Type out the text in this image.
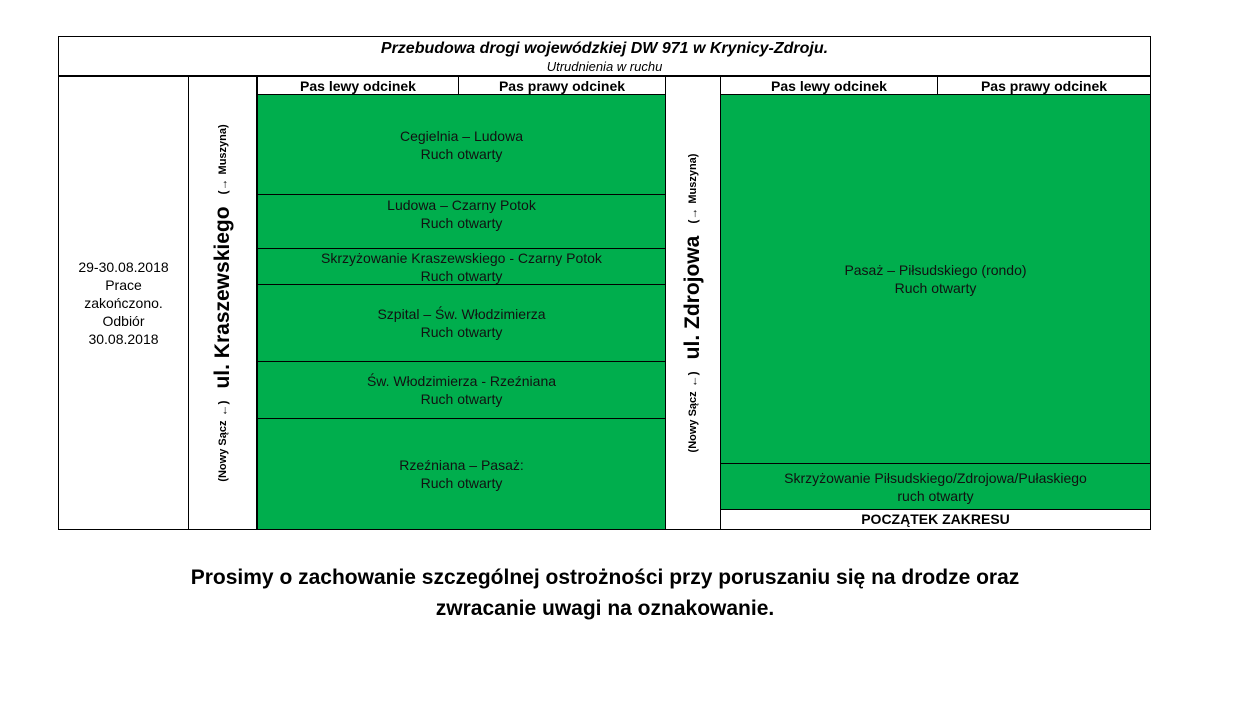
Przebudowa drogi wojewódzkiej DW 971 w Krynicy-Zdroju.
Utrudnienia w ruchu
29-30.08.2018
Prace
zakończono.
Odbiór
30.08.2018
(Nowy Sącz
←)
ul. Kraszewskiego
(→
Muszyna)
Pas lewy odcinek	Pas prawy odcinek
Cegielnia – Ludowa
Ruch otwarty
Ludowa – Czarny Potok
Ruch otwarty
Skrzyżowanie Kraszewskiego - Czarny Potok
Ruch otwarty
Szpital – Św. Włodzimierza
Ruch otwarty
Św. Włodzimierza - Rzeźniana
Ruch otwarty
Rzeźniana – Pasaż:
Ruch otwarty
(Nowy Sącz
←)
ul. Zdrojowa
(→
Muszyna)
Pas lewy odcinek	Pas prawy odcinek
Pasaż – Piłsudskiego (rondo)
Ruch otwarty
Skrzyżowanie Piłsudskiego/Zdrojowa/Pułaskiego
ruch otwarty
POCZĄTEK ZAKRESU
Prosimy o zachowanie szczególnej ostrożności przy poruszaniu się na drodze oraz
zwracanie uwagi na oznakowanie.
